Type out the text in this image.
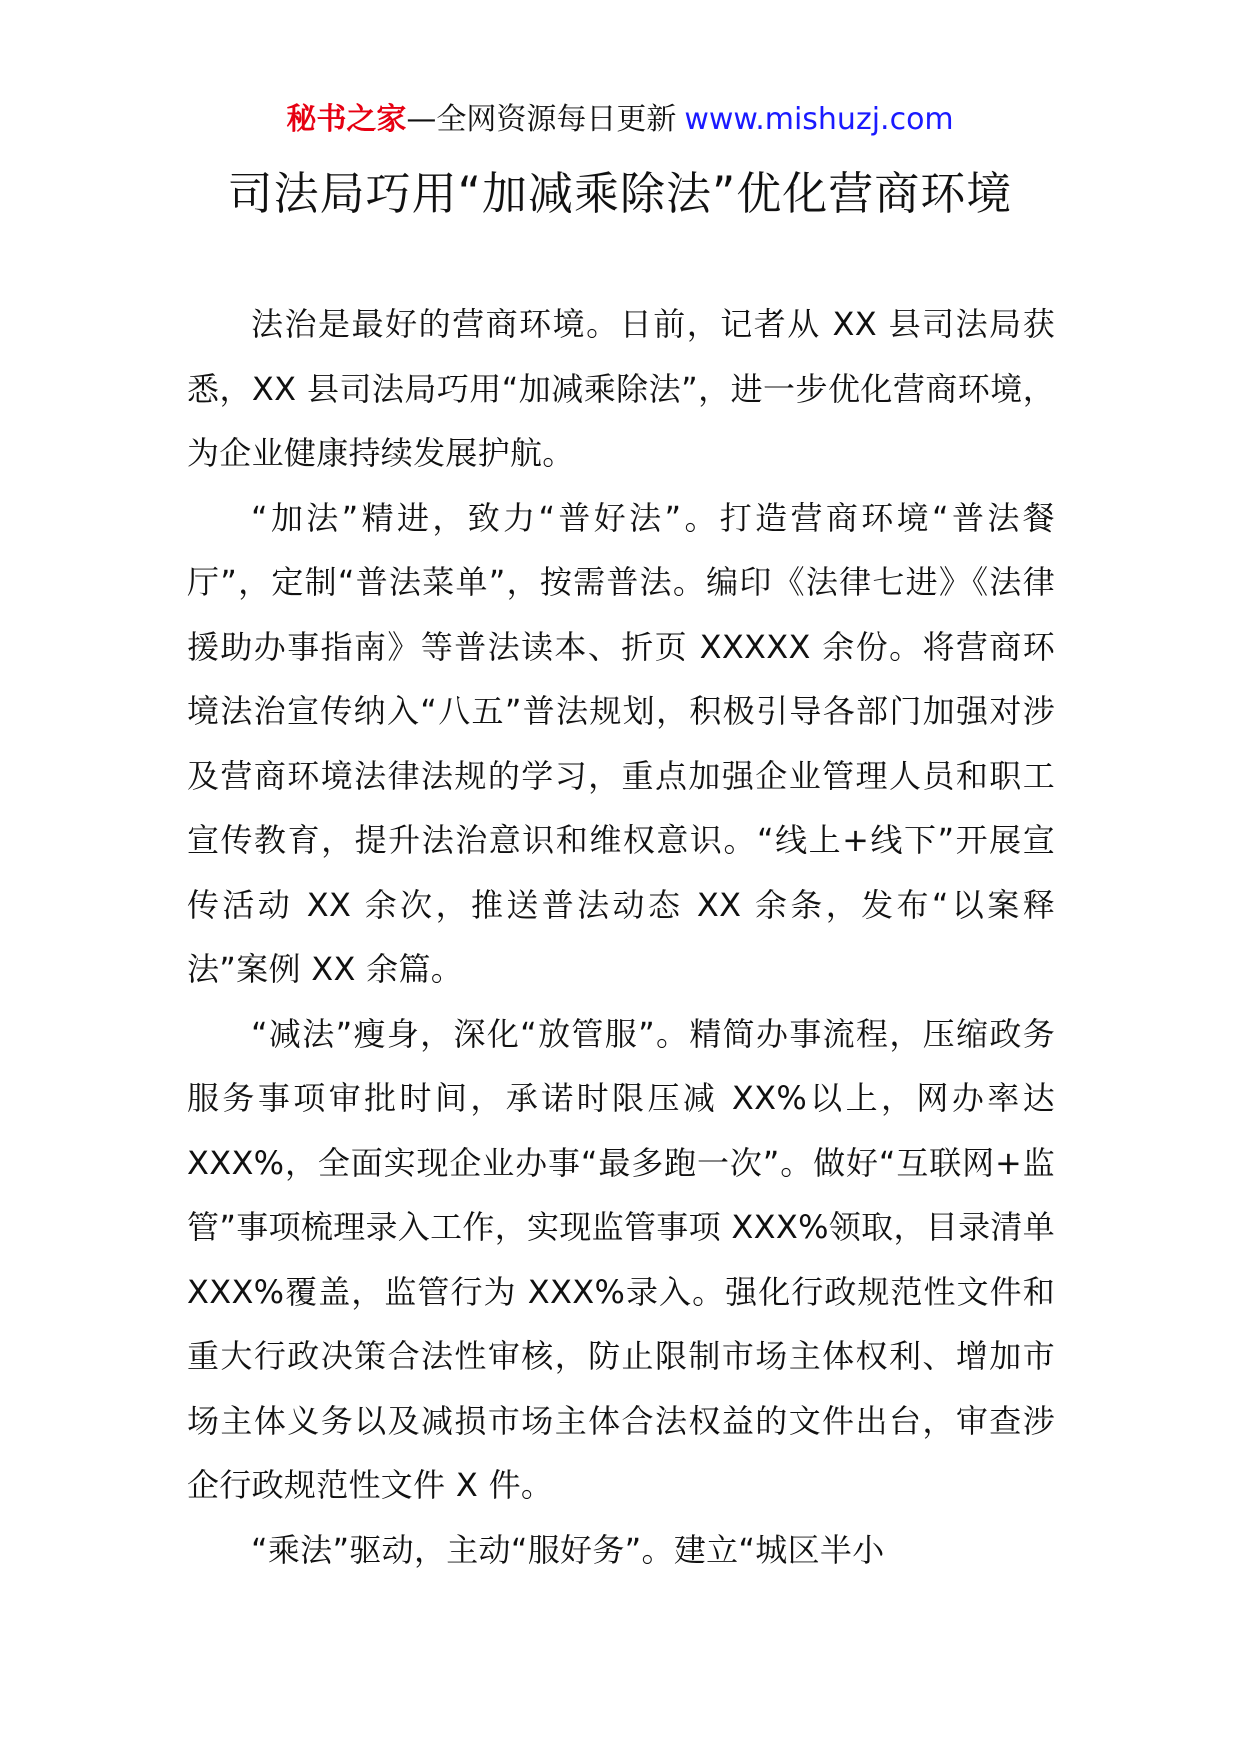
秘书之家—全网资源每日更新 www.mishuzj.com
司法局巧用“加减乘除法”优化营商环境

法治是最好的营商环境。日前，记者从 XX 县司法局获悉，XX 县司法局巧用“加减乘除法”，进一步优化营商环境，为企业健康持续发展护航。

“加法”精进，致力“普好法”。打造营商环境“普法餐厅”，定制“普法菜单”，按需普法。编印《法律七进》《法律援助办事指南》等普法读本、折页 XXXXX 余份。将营商环境法治宣传纳入“八五”普法规划，积极引导各部门加强对涉及营商环境法律法规的学习，重点加强企业管理人员和职工宣传教育，提升法治意识和维权意识。“线上+线下”开展宣传活动 XX 余次，推送普法动态 XX 余条，发布“以案释法”案例 XX 余篇。

“减法”瘦身，深化“放管服”。精简办事流程，压缩政务服务事项审批时间，承诺时限压减 XX%以上，网办率达 XXX%，全面实现企业办事“最多跑一次”。做好“互联网+监管”事项梳理录入工作，实现监管事项 XXX%领取，目录清单 XXX%覆盖，监管行为 XXX%录入。强化行政规范性文件和重大行政决策合法性审核，防止限制市场主体权利、增加市场主体义务以及减损市场主体合法权益的文件出台，审查涉企行政规范性文件 X 件。

“乘法”驱动，主动“服好务”。建立“城区半小
